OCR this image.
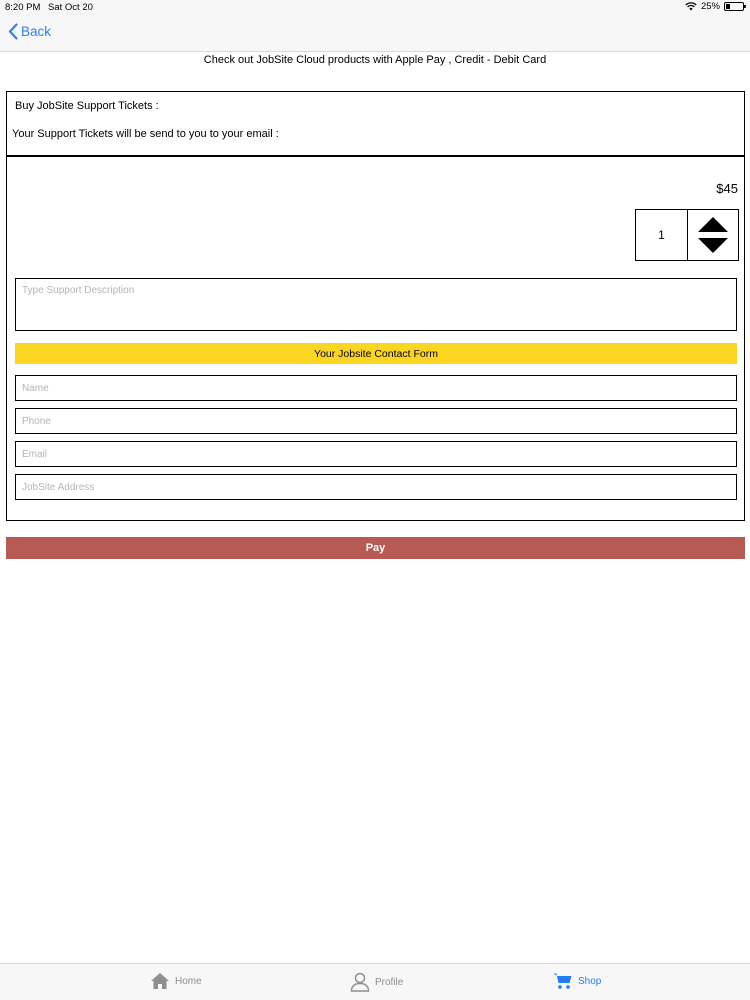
8:20 PM Sat Oct 20	25%
Back
Check out JobSite Cloud products with Apple Pay , Credit - Debit Card
Buy JobSite Support Tickets :
Your Support Tickets will be send to you to your email :
$45
1
Type Support Description
Your Jobsite Contact Form
Name
Phone
Email
JobSite Address
Pay
Home	Profile	Shop
